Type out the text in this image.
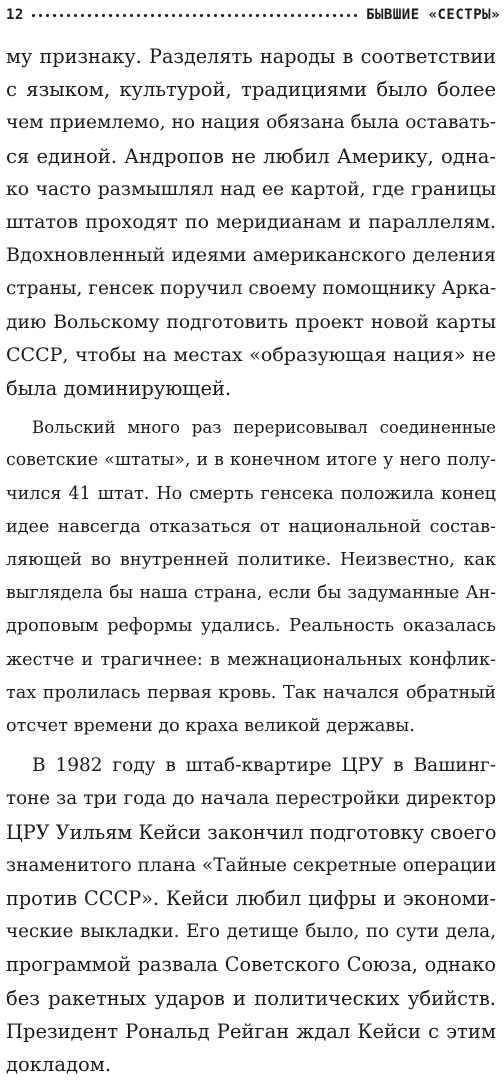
12	БЫВШИЕ «СЕСТРЫ»

му признаку. Разделять народы в соответствии
с языком, культурой, традициями было более
чем приемлемо, но нация обязана была оставать-
ся единой. Андропов не любил Америку, одна-
ко часто размышлял над ее картой, где границы
штатов проходят по меридианам и параллелям.
Вдохновленный идеями американского деления
страны, генсек поручил своему помощнику Арка-
дию Вольскому подготовить проект новой карты
СССР, чтобы на местах «образующая нация» не
была доминирующей.

Вольский много раз перерисовывал соединенные
советские «штаты», и в конечном итоге у него полу-
чился 41 штат. Но смерть генсека положила конец
идее навсегда отказаться от национальной состав-
ляющей во внутренней политике. Неизвестно, как
выглядела бы наша страна, если бы задуманные Ан-
дроповым реформы удались. Реальность оказалась
жестче и трагичнее: в межнациональных конфлик-
тах пролилась первая кровь. Так начался обратный
отсчет времени до краха великой державы.

В 1982 году в штаб-квартире ЦРУ в Вашинг-
тоне за три года до начала перестройки директор
ЦРУ Уильям Кейси закончил подготовку своего
знаменитого плана «Тайные секретные операции
против СССР». Кейси любил цифры и экономи-
ческие выкладки. Его детище было, по сути дела,
программой развала Советского Союза, однако
без ракетных ударов и политических убийств.
Президент Рональд Рейган ждал Кейси с этим
докладом.
